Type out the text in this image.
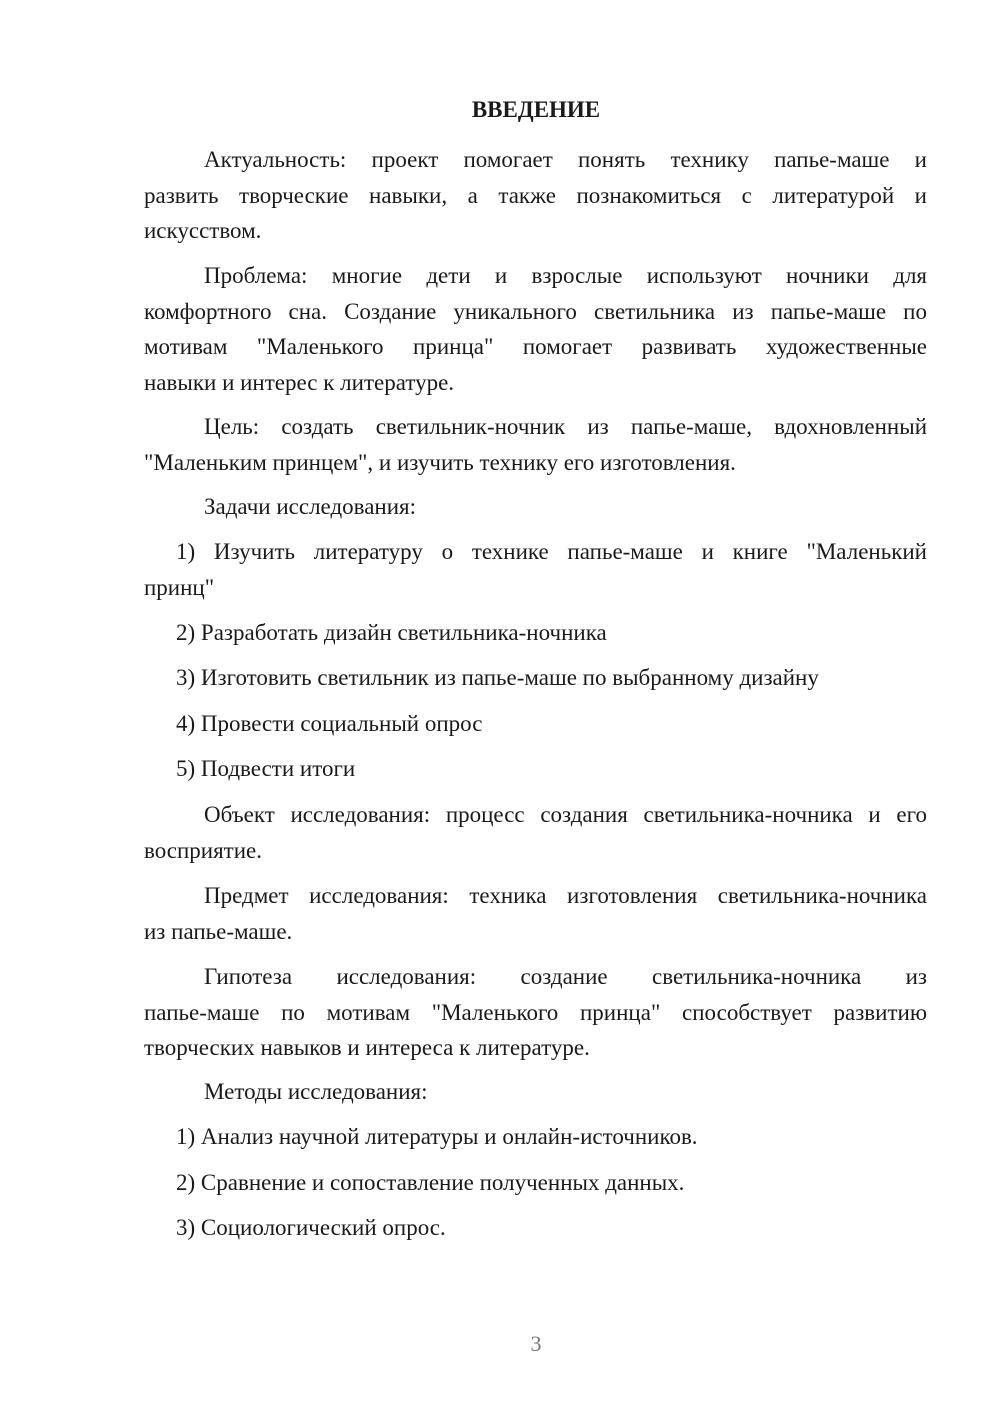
ВВЕДЕНИЕ
Актуальность: проект помогает понять технику папье-маше и
развить творческие навыки, а также познакомиться с литературой и
искусством.
Проблема: многие дети и взрослые используют ночники для
комфортного сна. Создание уникального светильника из папье-маше по
мотивам "Маленького принца" помогает развивать художественные
навыки и интерес к литературе.
Цель: создать светильник-ночник из папье-маше, вдохновленный
"Маленьким принцем", и изучить технику его изготовления.
Задачи исследования:
1) Изучить литературу о технике папье-маше и книге "Маленький
принц"
2) Разработать дизайн светильника-ночника
3) Изготовить светильник из папье-маше по выбранному дизайну
4) Провести социальный опрос
5) Подвести итоги
Объект исследования: процесс создания светильника-ночника и его
восприятие.
Предмет исследования: техника изготовления светильника-ночника
из папье-маше.
Гипотеза исследования: создание светильника-ночника из
папье-маше по мотивам "Маленького принца" способствует развитию
творческих навыков и интереса к литературе.
Методы исследования:
1) Анализ научной литературы и онлайн-источников.
2) Сравнение и сопоставление полученных данных.
3) Социологический опрос.
3
